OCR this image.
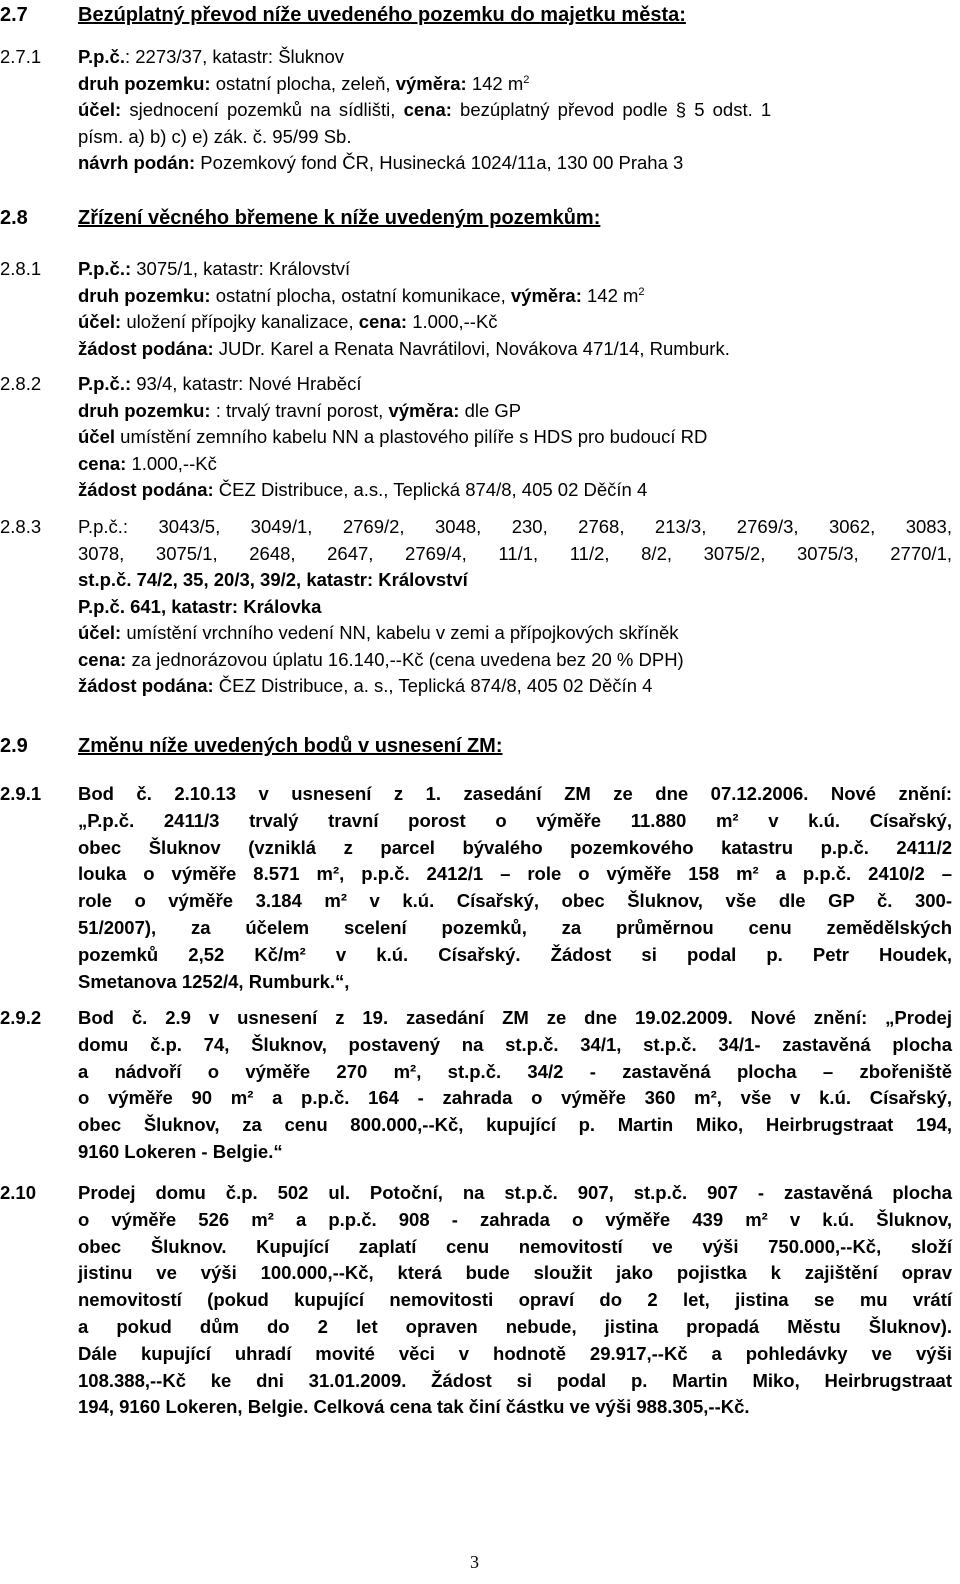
2.7	Bezúplatný převod níže uvedeného pozemku do majetku města:
2.7.1	P.p.č.: 2273/37, katastr: Šluknov
druh pozemku: ostatní plocha, zeleň, výměra: 142 $m^2$
účel: sjednocení pozemků na sídlišti, cena: bezúplatný převod podle § 5 odst. 1
písm. a) b) c) e) zák. č. 95/99 Sb.
návrh podán: Pozemkový fond ČR, Husinecká 1024/11a, 130 00 Praha 3
2.8	Zřízení věcného břemene k níže uvedeným pozemkům:
2.8.1	P.p.č.: 3075/1, katastr: Království
druh pozemku: ostatní plocha, ostatní komunikace, výměra: 142 $m^2$
účel: uložení přípojky kanalizace, cena: 1.000,--Kč
žádost podána: JUDr. Karel a Renata Navrátilovi, Novákova 471/14, Rumburk.
2.8.2	P.p.č.: 93/4, katastr: Nové Hraběcí
druh pozemku: : trvalý travní porost, výměra: dle GP
účel umístění zemního kabelu NN a plastového pilíře s HDS pro budoucí RD
cena: 1.000,--Kč
žádost podána: ČEZ Distribuce, a.s., Teplická 874/8, 405 02 Děčín 4
2.8.3	P.p.č.: 3043/5, 3049/1, 2769/2, 3048, 230, 2768, 213/3, 2769/3, 3062, 3083,
3078, 3075/1, 2648, 2647, 2769/4, 11/1, 11/2, 8/2, 3075/2, 3075/3, 2770/1,
st.p.č. 74/2, 35, 20/3, 39/2, katastr: Království
P.p.č. 641, katastr: Královka
účel: umístění vrchního vedení NN, kabelu v zemi a přípojkových skříněk
cena: za jednorázovou úplatu 16.140,--Kč (cena uvedena bez 20 % DPH)
žádost podána: ČEZ Distribuce, a. s., Teplická 874/8, 405 02 Děčín 4
2.9	Změnu níže uvedených bodů v usnesení ZM:
2.9.1	Bod č. 2.10.13 v usnesení z 1. zasedání ZM ze dne 07.12.2006. Nové znění:
„P.p.č. 2411/3 trvalý travní porost o výměře 11.880 m² v k.ú. Císařský,
obec Šluknov (vzniklá z parcel bývalého pozemkového katastru p.p.č. 2411/2
louka o výměře 8.571 m², p.p.č. 2412/1 – role o výměře 158 m² a p.p.č. 2410/2 –
role o výměře 3.184 m² v k.ú. Císařský, obec Šluknov, vše dle GP č. 300-
51/2007), za účelem scelení pozemků, za průměrnou cenu zemědělských
pozemků 2,52 Kč/m² v k.ú. Císařský. Žádost si podal p. Petr Houdek,
Smetanova 1252/4, Rumburk.“,
2.9.2	Bod č. 2.9 v usnesení z 19. zasedání ZM ze dne 19.02.2009. Nové znění: „Prodej
domu č.p. 74, Šluknov, postavený na st.p.č. 34/1, st.p.č. 34/1- zastavěná plocha
a nádvoří o výměře 270 m², st.p.č. 34/2 - zastavěná plocha – zbořeniště
o výměře 90 m² a p.p.č. 164 - zahrada o výměře 360 m², vše v k.ú. Císařský,
obec Šluknov, za cenu 800.000,--Kč, kupující p. Martin Miko, Heirbrugstraat 194,
9160 Lokeren - Belgie.“
2.10	Prodej domu č.p. 502 ul. Potoční, na st.p.č. 907, st.p.č. 907 - zastavěná plocha
o výměře 526 m² a p.p.č. 908 - zahrada o výměře 439 m² v k.ú. Šluknov,
obec Šluknov. Kupující zaplatí cenu nemovitostí ve výši 750.000,--Kč, složí
jistinu ve výši 100.000,--Kč, která bude sloužit jako pojistka k zajištění oprav
nemovitostí (pokud kupující nemovitosti opraví do 2 let, jistina se mu vrátí
a pokud dům do 2 let opraven nebude, jistina propadá Městu Šluknov).
Dále kupující uhradí movité věci v hodnotě 29.917,--Kč a pohledávky ve výši
108.388,--Kč ke dni 31.01.2009. Žádost si podal p. Martin Miko, Heirbrugstraat
194, 9160 Lokeren, Belgie. Celková cena tak činí částku ve výši 988.305,--Kč.
3
